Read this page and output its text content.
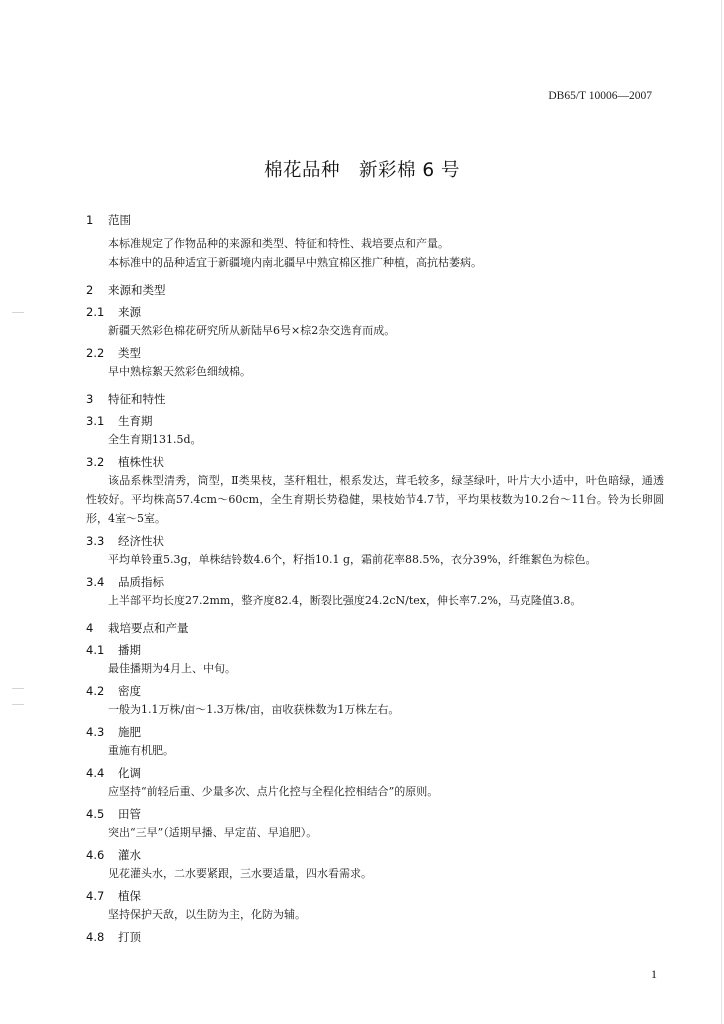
DB65/T 10006—2007
棉花品种　新彩棉 6 号
1	范围

本标准规定了作物品种的来源和类型、特征和特性、栽培要点和产量。

本标准中的品种适宜于新疆境内南北疆早中熟宜棉区推广种植，高抗枯萎病。

2	来源和类型
2.1	来源

新疆天然彩色棉花研究所从新陆早6号×棕2杂交选育而成。

2.2	类型

早中熟棕絮天然彩色细绒棉。

3	特征和特性
3.1	生育期

全生育期131.5d。

3.2	植株性状

该品系株型清秀，筒型，Ⅱ类果枝，茎秆粗壮，根系发达，茸毛较多，绿茎绿叶，叶片大小适中，叶色暗绿，通透性较好。平均株高57.4cm～60cm，全生育期长势稳健，果枝始节4.7节，平均果枝数为10.2台～11台。铃为长卵圆形，4室～5室。

3.3	经济性状

平均单铃重5.3g，单株结铃数4.6个，籽指10.1 g，霜前花率88.5%，衣分39%，纤维絮色为棕色。

3.4	品质指标

上半部平均长度27.2mm，整齐度82.4，断裂比强度24.2cN/tex，伸长率7.2%，马克隆值3.8。

4	栽培要点和产量
4.1	播期

最佳播期为4月上、中旬。

4.2	密度

一般为1.1万株/亩～1.3万株/亩，亩收获株数为1万株左右。

4.3	施肥

重施有机肥。

4.4	化调

应坚持“前轻后重、少量多次、点片化控与全程化控相结合”的原则。

4.5	田管

突出“三早”（适期早播、早定苗、早追肥）。

4.6	灌水

见花灌头水，二水要紧跟，三水要适量，四水看需求。

4.7	植保

坚持保护天敌，以生防为主，化防为辅。

4.8	打顶
1
